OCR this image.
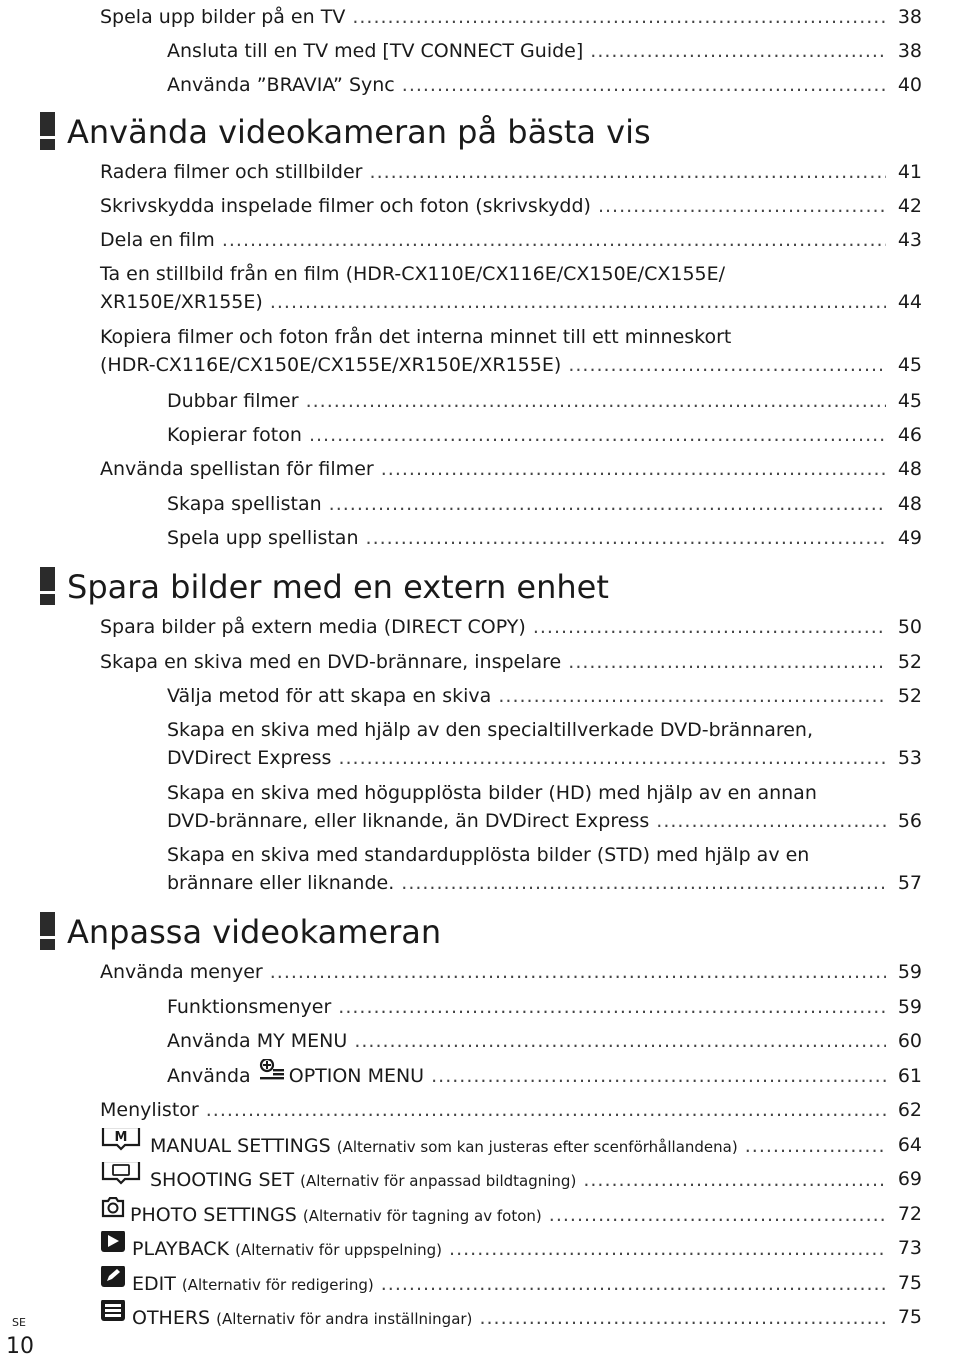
Spela upp bilder på en TV .....	38
Ansluta till en TV med [TV CONNECT Guide] .....	38
Använda ”BRAVIA” Sync .....	40
Använda videokameran på bästa vis
Radera filmer och stillbilder .....	41
Skrivskydda inspelade filmer och foton (skrivskydd) .....	42
Dela en film .....	43
Ta en stillbild från en film (HDR-CX110E/CX116E/CX150E/CX155E/
XR150E/XR155E) .....	44
Kopiera filmer och foton från det interna minnet till ett minneskort
(HDR-CX116E/CX150E/CX155E/XR150E/XR155E) .....	45
Dubbar filmer .....	45
Kopierar foton .....	46
Använda spellistan för filmer .....	48
Skapa spellistan .....	48
Spela upp spellistan .....	49
Spara bilder med en extern enhet
Spara bilder på extern media (DIRECT COPY) .....	50
Skapa en skiva med en DVD-brännare, inspelare .....	52
Välja metod för att skapa en skiva .....	52
Skapa en skiva med hjälp av den specialtillverkade DVD-brännaren,
DVDirect Express .....	53
Skapa en skiva med högupplösta bilder (HD) med hjälp av en annan
DVD-brännare, eller liknande, än DVDirect Express .....	56
Skapa en skiva med standardupplösta bilder (STD) med hjälp av en
brännare eller liknande. .....	57
Anpassa videokameran
Använda menyer .....	59
Funktionsmenyer .....	59
Använda MY MENU .....	60
Använda OPTION MENU .....	61
Menylistor .....	62
M MANUAL SETTINGS (Alternativ som kan justeras efter scenförhållandena) .....	64
SHOOTING SET (Alternativ för anpassad bildtagning) .....	69
PHOTO SETTINGS (Alternativ för tagning av foton) .....	72
PLAYBACK (Alternativ för uppspelning) .....	73
EDIT (Alternativ för redigering) .....	75
OTHERS (Alternativ för andra inställningar) .....	75
SE
10
